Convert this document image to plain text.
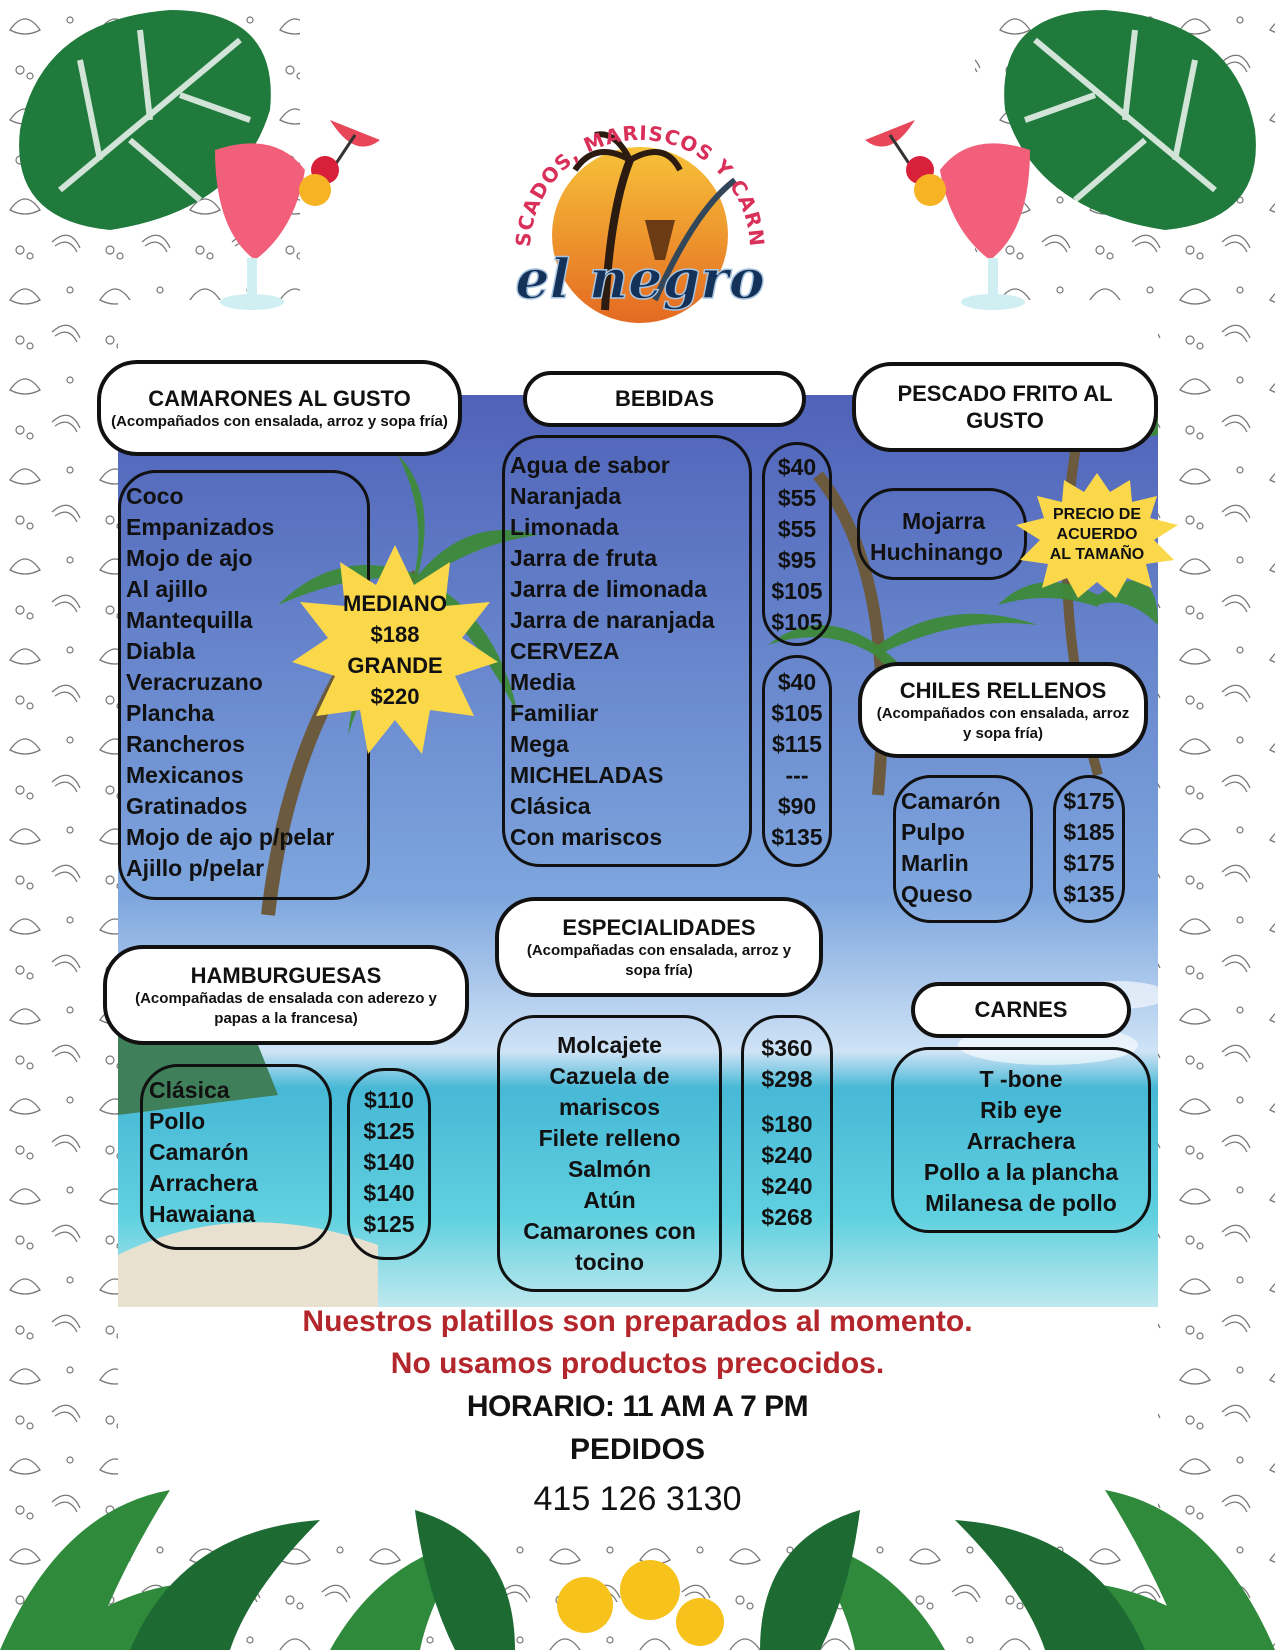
SCADOS, MARISCOS Y CARN
el negro
CAMARONES AL GUSTO
(Acompañados con ensalada, arroz y sopa fría)
Coco
Empanizados
Mojo de ajo
Al ajillo
Mantequilla
Diabla
Veracruzano
Plancha
Rancheros
Mexicanos
Gratinados
Mojo de ajo p/pelar
Ajillo p/pelar
MEDIANO
$188
GRANDE
$220
BEBIDAS
Agua de sabor
Naranjada
Limonada
Jarra de fruta
Jarra de limonada
Jarra de naranjada
CERVEZA
Media
Familiar
Mega
MICHELADAS
Clásica
Con mariscos
$40
$55
$55
$95
$105
$105
$40
$105
$115
---
$90
$135
PESCADO FRITO AL GUSTO
Mojarra
Huchinango
PRECIO DE
ACUERDO
AL TAMAÑO
CHILES RELLENOS
(Acompañados con ensalada, arroz y sopa fría)
Camarón
Pulpo
Marlin
Queso
$175
$185
$175
$135
HAMBURGUESAS
(Acompañadas de ensalada con aderezo y papas a la francesa)
Clásica
Pollo
Camarón
Arrachera
Hawaiana
$110
$125
$140
$140
$125
ESPECIALIDADES
(Acompañadas con ensalada, arroz y sopa fría)
Molcajete
Cazuela de
mariscos
Filete relleno
Salmón
Atún
Camarones con
tocino
$360
$298
$180
$240
$240
$268
CARNES
T -bone
Rib eye
Arrachera
Pollo a la plancha
Milanesa de pollo
Nuestros platillos son preparados al momento.
No usamos productos precocidos.
HORARIO: 11 AM A 7 PM
PEDIDOS
415 126 3130
